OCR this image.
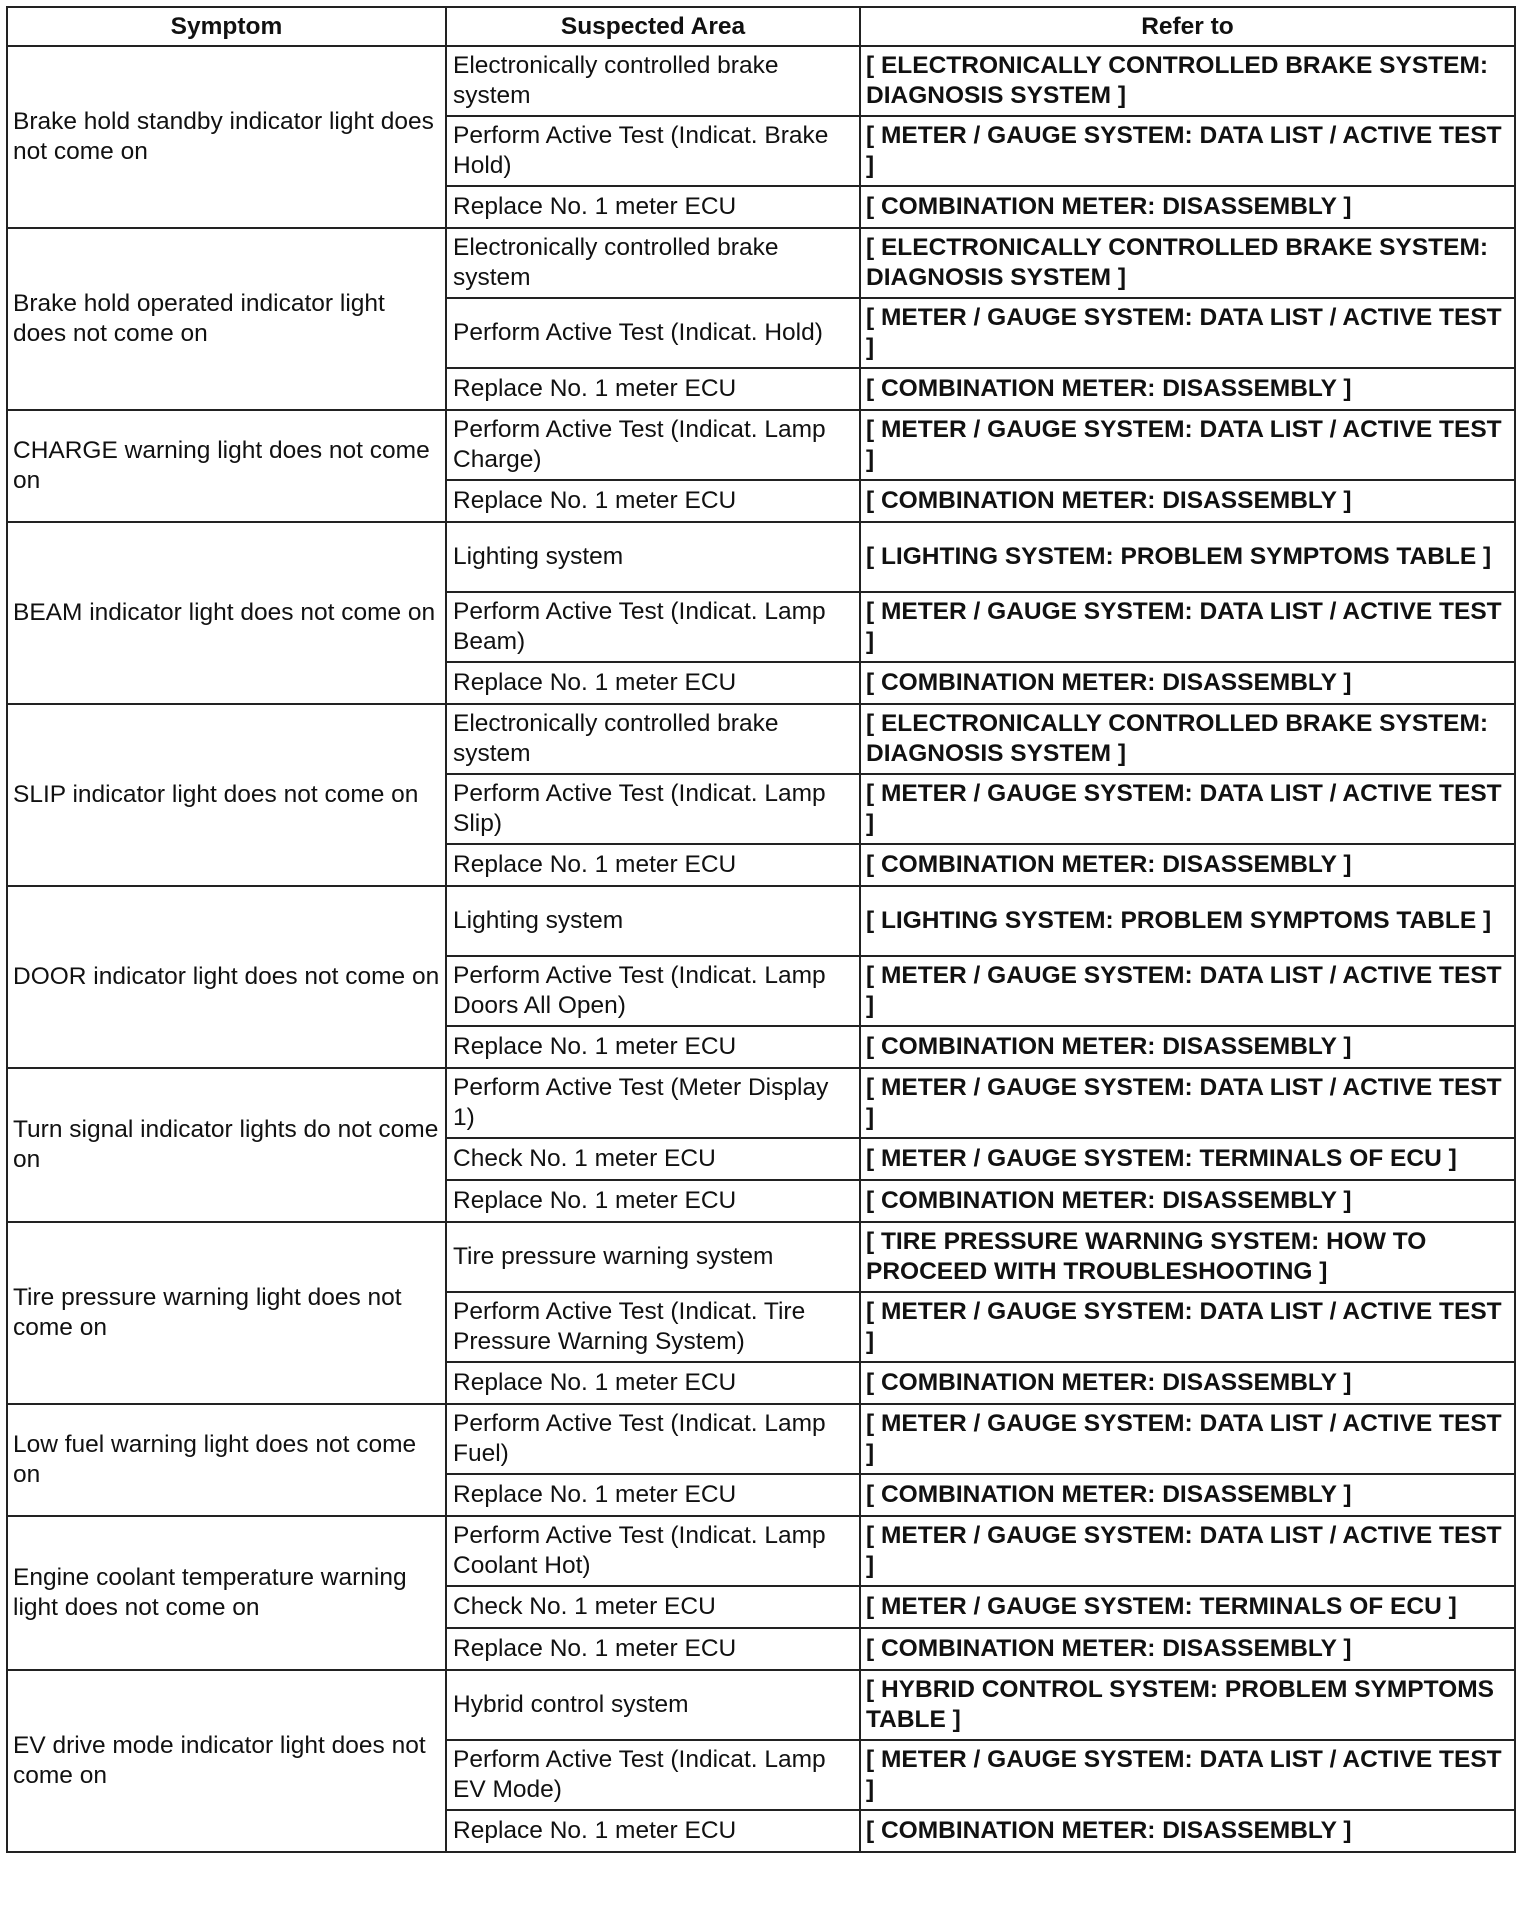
Symptom	Suspected Area	Refer to
Brake hold standby indicator light does not come on	Electronically controlled brake system	[ ELECTRONICALLY CONTROLLED BRAKE SYSTEM: DIAGNOSIS SYSTEM ]
	Perform Active Test (Indicat. Brake Hold)	[ METER / GAUGE SYSTEM: DATA LIST / ACTIVE TEST ]
	Replace No. 1 meter ECU	[ COMBINATION METER: DISASSEMBLY ]
Brake hold operated indicator light does not come on	Electronically controlled brake system	[ ELECTRONICALLY CONTROLLED BRAKE SYSTEM: DIAGNOSIS SYSTEM ]
	Perform Active Test (Indicat. Hold)	[ METER / GAUGE SYSTEM: DATA LIST / ACTIVE TEST ]
	Replace No. 1 meter ECU	[ COMBINATION METER: DISASSEMBLY ]
CHARGE warning light does not come on	Perform Active Test (Indicat. Lamp Charge)	[ METER / GAUGE SYSTEM: DATA LIST / ACTIVE TEST ]
	Replace No. 1 meter ECU	[ COMBINATION METER: DISASSEMBLY ]
BEAM indicator light does not come on	Lighting system	[ LIGHTING SYSTEM: PROBLEM SYMPTOMS TABLE ]
	Perform Active Test (Indicat. Lamp Beam)	[ METER / GAUGE SYSTEM: DATA LIST / ACTIVE TEST ]
	Replace No. 1 meter ECU	[ COMBINATION METER: DISASSEMBLY ]
SLIP indicator light does not come on	Electronically controlled brake system	[ ELECTRONICALLY CONTROLLED BRAKE SYSTEM: DIAGNOSIS SYSTEM ]
	Perform Active Test (Indicat. Lamp Slip)	[ METER / GAUGE SYSTEM: DATA LIST / ACTIVE TEST ]
	Replace No. 1 meter ECU	[ COMBINATION METER: DISASSEMBLY ]
DOOR indicator light does not come on	Lighting system	[ LIGHTING SYSTEM: PROBLEM SYMPTOMS TABLE ]
	Perform Active Test (Indicat. Lamp Doors All Open)	[ METER / GAUGE SYSTEM: DATA LIST / ACTIVE TEST ]
	Replace No. 1 meter ECU	[ COMBINATION METER: DISASSEMBLY ]
Turn signal indicator lights do not come on	Perform Active Test (Meter Display 1)	[ METER / GAUGE SYSTEM: DATA LIST / ACTIVE TEST ]
	Check No. 1 meter ECU	[ METER / GAUGE SYSTEM: TERMINALS OF ECU ]
	Replace No. 1 meter ECU	[ COMBINATION METER: DISASSEMBLY ]
Tire pressure warning light does not come on	Tire pressure warning system	[ TIRE PRESSURE WARNING SYSTEM: HOW TO PROCEED WITH TROUBLESHOOTING ]
	Perform Active Test (Indicat. Tire Pressure Warning System)	[ METER / GAUGE SYSTEM: DATA LIST / ACTIVE TEST ]
	Replace No. 1 meter ECU	[ COMBINATION METER: DISASSEMBLY ]
Low fuel warning light does not come on	Perform Active Test (Indicat. Lamp Fuel)	[ METER / GAUGE SYSTEM: DATA LIST / ACTIVE TEST ]
	Replace No. 1 meter ECU	[ COMBINATION METER: DISASSEMBLY ]
Engine coolant temperature warning light does not come on	Perform Active Test (Indicat. Lamp Coolant Hot)	[ METER / GAUGE SYSTEM: DATA LIST / ACTIVE TEST ]
	Check No. 1 meter ECU	[ METER / GAUGE SYSTEM: TERMINALS OF ECU ]
	Replace No. 1 meter ECU	[ COMBINATION METER: DISASSEMBLY ]
EV drive mode indicator light does not come on	Hybrid control system	[ HYBRID CONTROL SYSTEM: PROBLEM SYMPTOMS TABLE ]
	Perform Active Test (Indicat. Lamp EV Mode)	[ METER / GAUGE SYSTEM: DATA LIST / ACTIVE TEST ]
	Replace No. 1 meter ECU	[ COMBINATION METER: DISASSEMBLY ]
